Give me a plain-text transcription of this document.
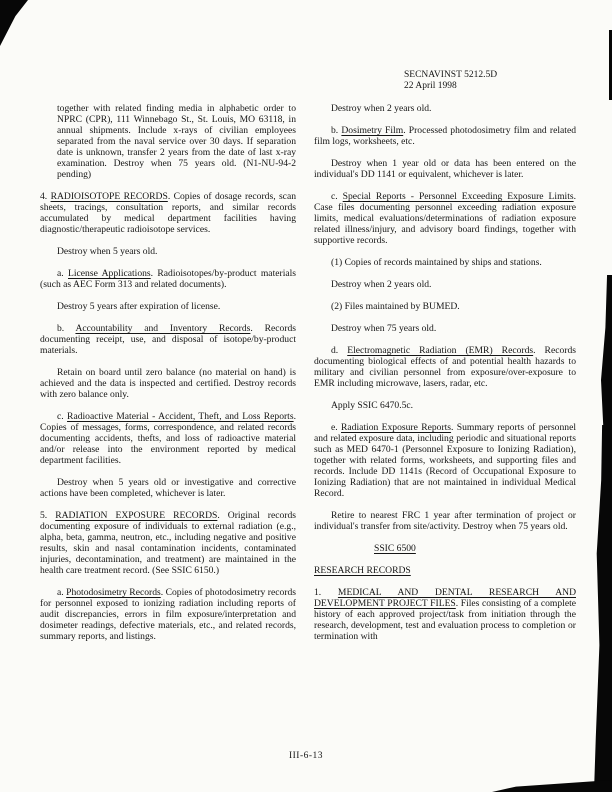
SECNAVINST 5212.5D
22 April 1998

together with related finding media in alphabetic order to NPRC (CPR), 111 Winnebago St., St. Louis, MO 63118, in annual shipments. Include x-rays of civilian employees separated from the naval service over 30 days. If separation date is unknown, transfer 2 years from the date of last x-ray examination. Destroy when 75 years old. (N1-NU-94-2 pending)

4. RADIOISOTOPE RECORDS. Copies of dosage records, scan sheets, tracings, consultation reports, and similar records accumulated by medical department facilities having diagnostic/therapeutic radioisotope services.

Destroy when 5 years old.

a. License Applications. Radioisotopes/by-product materials (such as AEC Form 313 and related documents).

Destroy 5 years after expiration of license.

b. Accountability and Inventory Records. Records documenting receipt, use, and disposal of isotope/by-product materials.

Retain on board until zero balance (no material on hand) is achieved and the data is inspected and certified. Destroy records with zero balance only.

c. Radioactive Material - Accident, Theft, and Loss Reports. Copies of messages, forms, correspondence, and related records documenting accidents, thefts, and loss of radioactive material and/or release into the environment reported by medical department facilities.

Destroy when 5 years old or investigative and corrective actions have been completed, whichever is later.

5. RADIATION EXPOSURE RECORDS. Original records documenting exposure of individuals to external radiation (e.g., alpha, beta, gamma, neutron, etc., including negative and positive results, skin and nasal contamination incidents, contaminated injuries, decontamination, and treatment) are maintained in the health care treatment record. (See SSIC 6150.)

a. Photodosimetry Records. Copies of photodosimetry records for personnel exposed to ionizing radiation including reports of audit discrepancies, errors in film exposure/interpretation and dosimeter readings, defective materials, etc., and related records, summary reports, and listings.

Destroy when 2 years old.

b. Dosimetry Film. Processed photodosimetry film and related film logs, worksheets, etc.

Destroy when 1 year old or data has been entered on the individual's DD 1141 or equivalent, whichever is later.

c. Special Reports - Personnel Exceeding Exposure Limits. Case files documenting personnel exceeding radiation exposure limits, medical evaluations/determinations of radiation exposure related illness/injury, and advisory board findings, together with supportive records.

(1) Copies of records maintained by ships and stations.

Destroy when 2 years old.

(2) Files maintained by BUMED.

Destroy when 75 years old.

d. Electromagnetic Radiation (EMR) Records. Records documenting biological effects of and potential health hazards to military and civilian personnel from exposure/over-exposure to EMR including microwave, lasers, radar, etc.

Apply SSIC 6470.5c.

e. Radiation Exposure Reports. Summary reports of personnel and related exposure data, including periodic and situational reports such as MED 6470-1 (Personnel Exposure to Ionizing Radiation), together with related forms, worksheets, and supporting files and records. Include DD 1141s (Record of Occupational Exposure to Ionizing Radiation) that are not maintained in individual Medical Record.

Retire to nearest FRC 1 year after termination of project or individual's transfer from site/activity. Destroy when 75 years old.

SSIC 6500

RESEARCH RECORDS

1. MEDICAL AND DENTAL RESEARCH AND DEVELOPMENT PROJECT FILES. Files consisting of a complete history of each approved project/task from initiation through the research, development, test and evaluation process to completion or termination with

III-6-13
